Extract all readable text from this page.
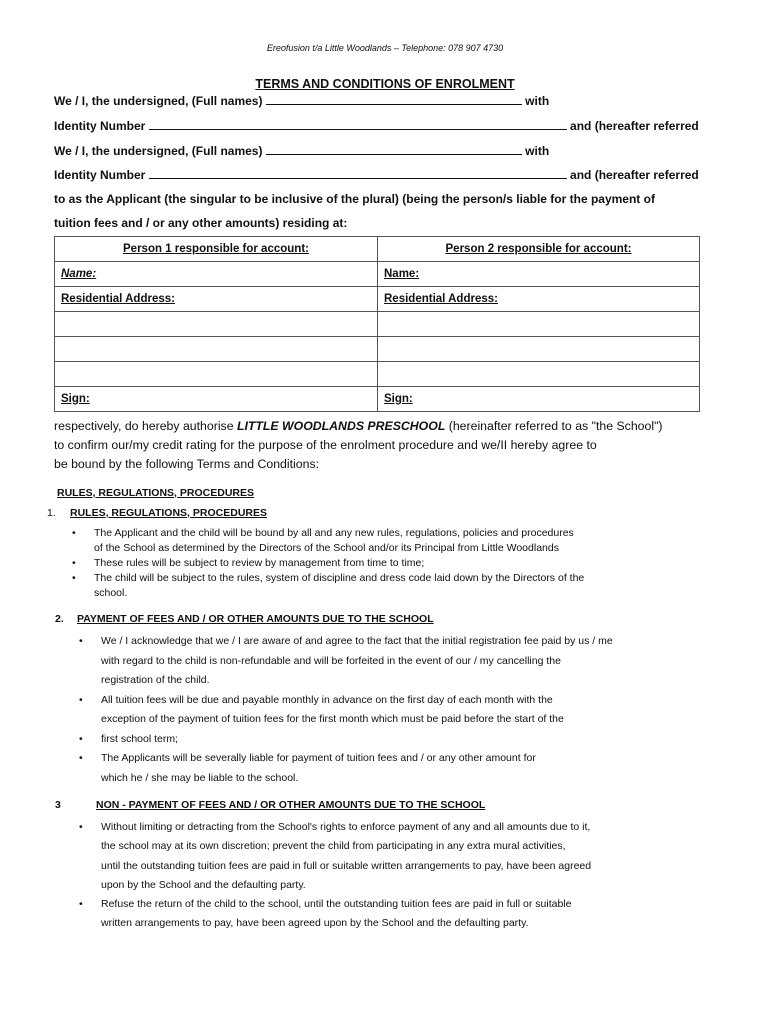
Ereofusion t/a Little Woodlands – Telephone: 078 907 4730
TERMS AND CONDITIONS OF ENROLMENT
We / I, the undersigned, (Full names)	with
Identity Number	and (hereafter referred
We / I, the undersigned, (Full names)	with
Identity Number	and (hereafter referred
to as the Applicant (the singular to be inclusive of the plural) (being the person/s liable for the payment of
tuition fees and / or any other amounts) residing at:
Person 1 responsible for account:	Person 2 responsible for account:
Name:	Name:
Residential Address:	Residential Address:

Sign:	Sign:
respectively, do hereby authorise LITTLE WOODLANDS PRESCHOOL (hereinafter referred to as "the School")
to confirm our/my credit rating for the purpose of the enrolment procedure and we/II hereby agree to
be bound by the following Terms and Conditions:
RULES, REGULATIONS, PROCEDURES
1. RULES, REGULATIONS, PROCEDURES
• The Applicant and the child will be bound by all and any new rules, regulations, policies and procedures
of the School as determined by the Directors of the School and/or its Principal from Little Woodlands
• These rules will be subject to review by management from time to time;
• The child will be subject to the rules, system of discipline and dress code laid down by the Directors of the
school.
2. PAYMENT OF FEES AND / OR OTHER AMOUNTS DUE TO THE SCHOOL
• We / I acknowledge that we / I are aware of and agree to the fact that the initial registration fee paid by us / me
with regard to the child is non-refundable and will be forfeited in the event of our / my cancelling the
registration of the child.
• All tuition fees will be due and payable monthly in advance on the first day of each month with the
exception of the payment of tuition fees for the first month which must be paid before the start of the
• first school term;
• The Applicants will be severally liable for payment of tuition fees and / or any other amount for
which he / she may be liable to the school.
3	NON - PAYMENT OF FEES AND / OR OTHER AMOUNTS DUE TO THE SCHOOL
• Without limiting or detracting from the School's rights to enforce payment of any and all amounts due to it,
the school may at its own discretion; prevent the child from participating in any extra mural activities,
until the outstanding tuition fees are paid in full or suitable written arrangements to pay, have been agreed
upon by the School and the defaulting party.
• Refuse the return of the child to the school, until the outstanding tuition fees are paid in full or suitable
written arrangements to pay, have been agreed upon by the School and the defaulting party.
